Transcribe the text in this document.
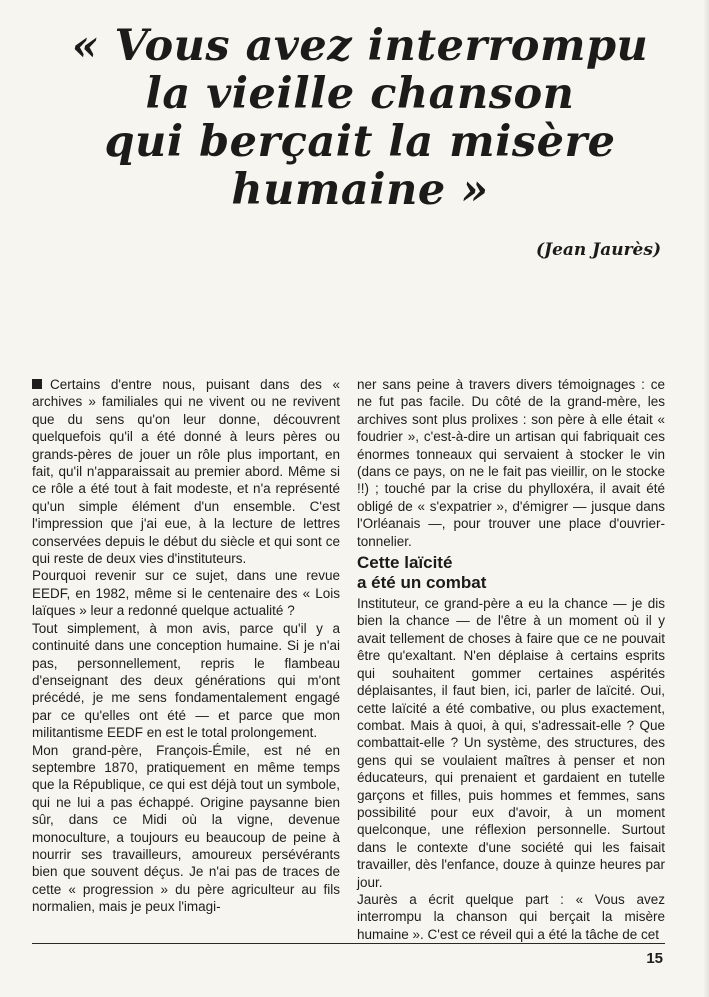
« Vous avez interrompu
la vieille chanson
qui berçait la misère
humaine »
(Jean Jaurès)

Certains d'entre nous, puisant dans des « archives » familiales qui ne vivent ou ne revivent que du sens qu'on leur donne, découvrent quelquefois qu'il a été donné à leurs pères ou grands-pères de jouer un rôle plus important, en fait, qu'il n'apparaissait au premier abord. Même si ce rôle a été tout à fait modeste, et n'a représenté qu'un simple élément d'un ensemble. C'est l'impression que j'ai eue, à la lecture de lettres conservées depuis le début du siècle et qui sont ce qui reste de deux vies d'instituteurs.

Pourquoi revenir sur ce sujet, dans une revue EEDF, en 1982, même si le centenaire des « Lois laïques » leur a redonné quelque actualité ?

Tout simplement, à mon avis, parce qu'il y a continuité dans une conception humaine. Si je n'ai pas, personnellement, repris le flambeau d'enseignant des deux générations qui m'ont précédé, je me sens fondamentalement engagé par ce qu'elles ont été — et parce que mon militantisme EEDF en est le total prolongement.

Mon grand-père, François-Émile, est né en septembre 1870, pratiquement en même temps que la République, ce qui est déjà tout un symbole, qui ne lui a pas échappé. Origine paysanne bien sûr, dans ce Midi où la vigne, devenue monoculture, a toujours eu beaucoup de peine à nourrir ses travailleurs, amoureux persévérants bien que souvent déçus. Je n'ai pas de traces de cette « progression » du père agriculteur au fils normalien, mais je peux l'imagi-

ner sans peine à travers divers témoignages : ce ne fut pas facile. Du côté de la grand-mère, les archives sont plus prolixes : son père à elle était « foudrier », c'est-à-dire un artisan qui fabriquait ces énormes tonneaux qui servaient à stocker le vin (dans ce pays, on ne le fait pas vieillir, on le stocke !!) ; touché par la crise du phylloxéra, il avait été obligé de « s'expatrier », d'émigrer — jusque dans l'Orléanais —, pour trouver une place d'ouvrier-tonnelier.

Cette laïcité
a été un combat

Instituteur, ce grand-père a eu la chance — je dis bien la chance — de l'être à un moment où il y avait tellement de choses à faire que ce ne pouvait être qu'exaltant. N'en déplaise à certains esprits qui souhaitent gommer certaines aspérités déplaisantes, il faut bien, ici, parler de laïcité. Oui, cette laïcité a été combative, ou plus exactement, combat. Mais à quoi, à qui, s'adressait-elle ? Que combattait-elle ? Un système, des structures, des gens qui se voulaient maîtres à penser et non éducateurs, qui prenaient et gardaient en tutelle garçons et filles, puis hommes et femmes, sans possibilité pour eux d'avoir, à un moment quelconque, une réflexion personnelle. Surtout dans le contexte d'une société qui les faisait travailler, dès l'enfance, douze à quinze heures par jour.

Jaurès a écrit quelque part : « Vous avez interrompu la chanson qui berçait la misère humaine ». C'est ce réveil qui a été la tâche de cet

15
